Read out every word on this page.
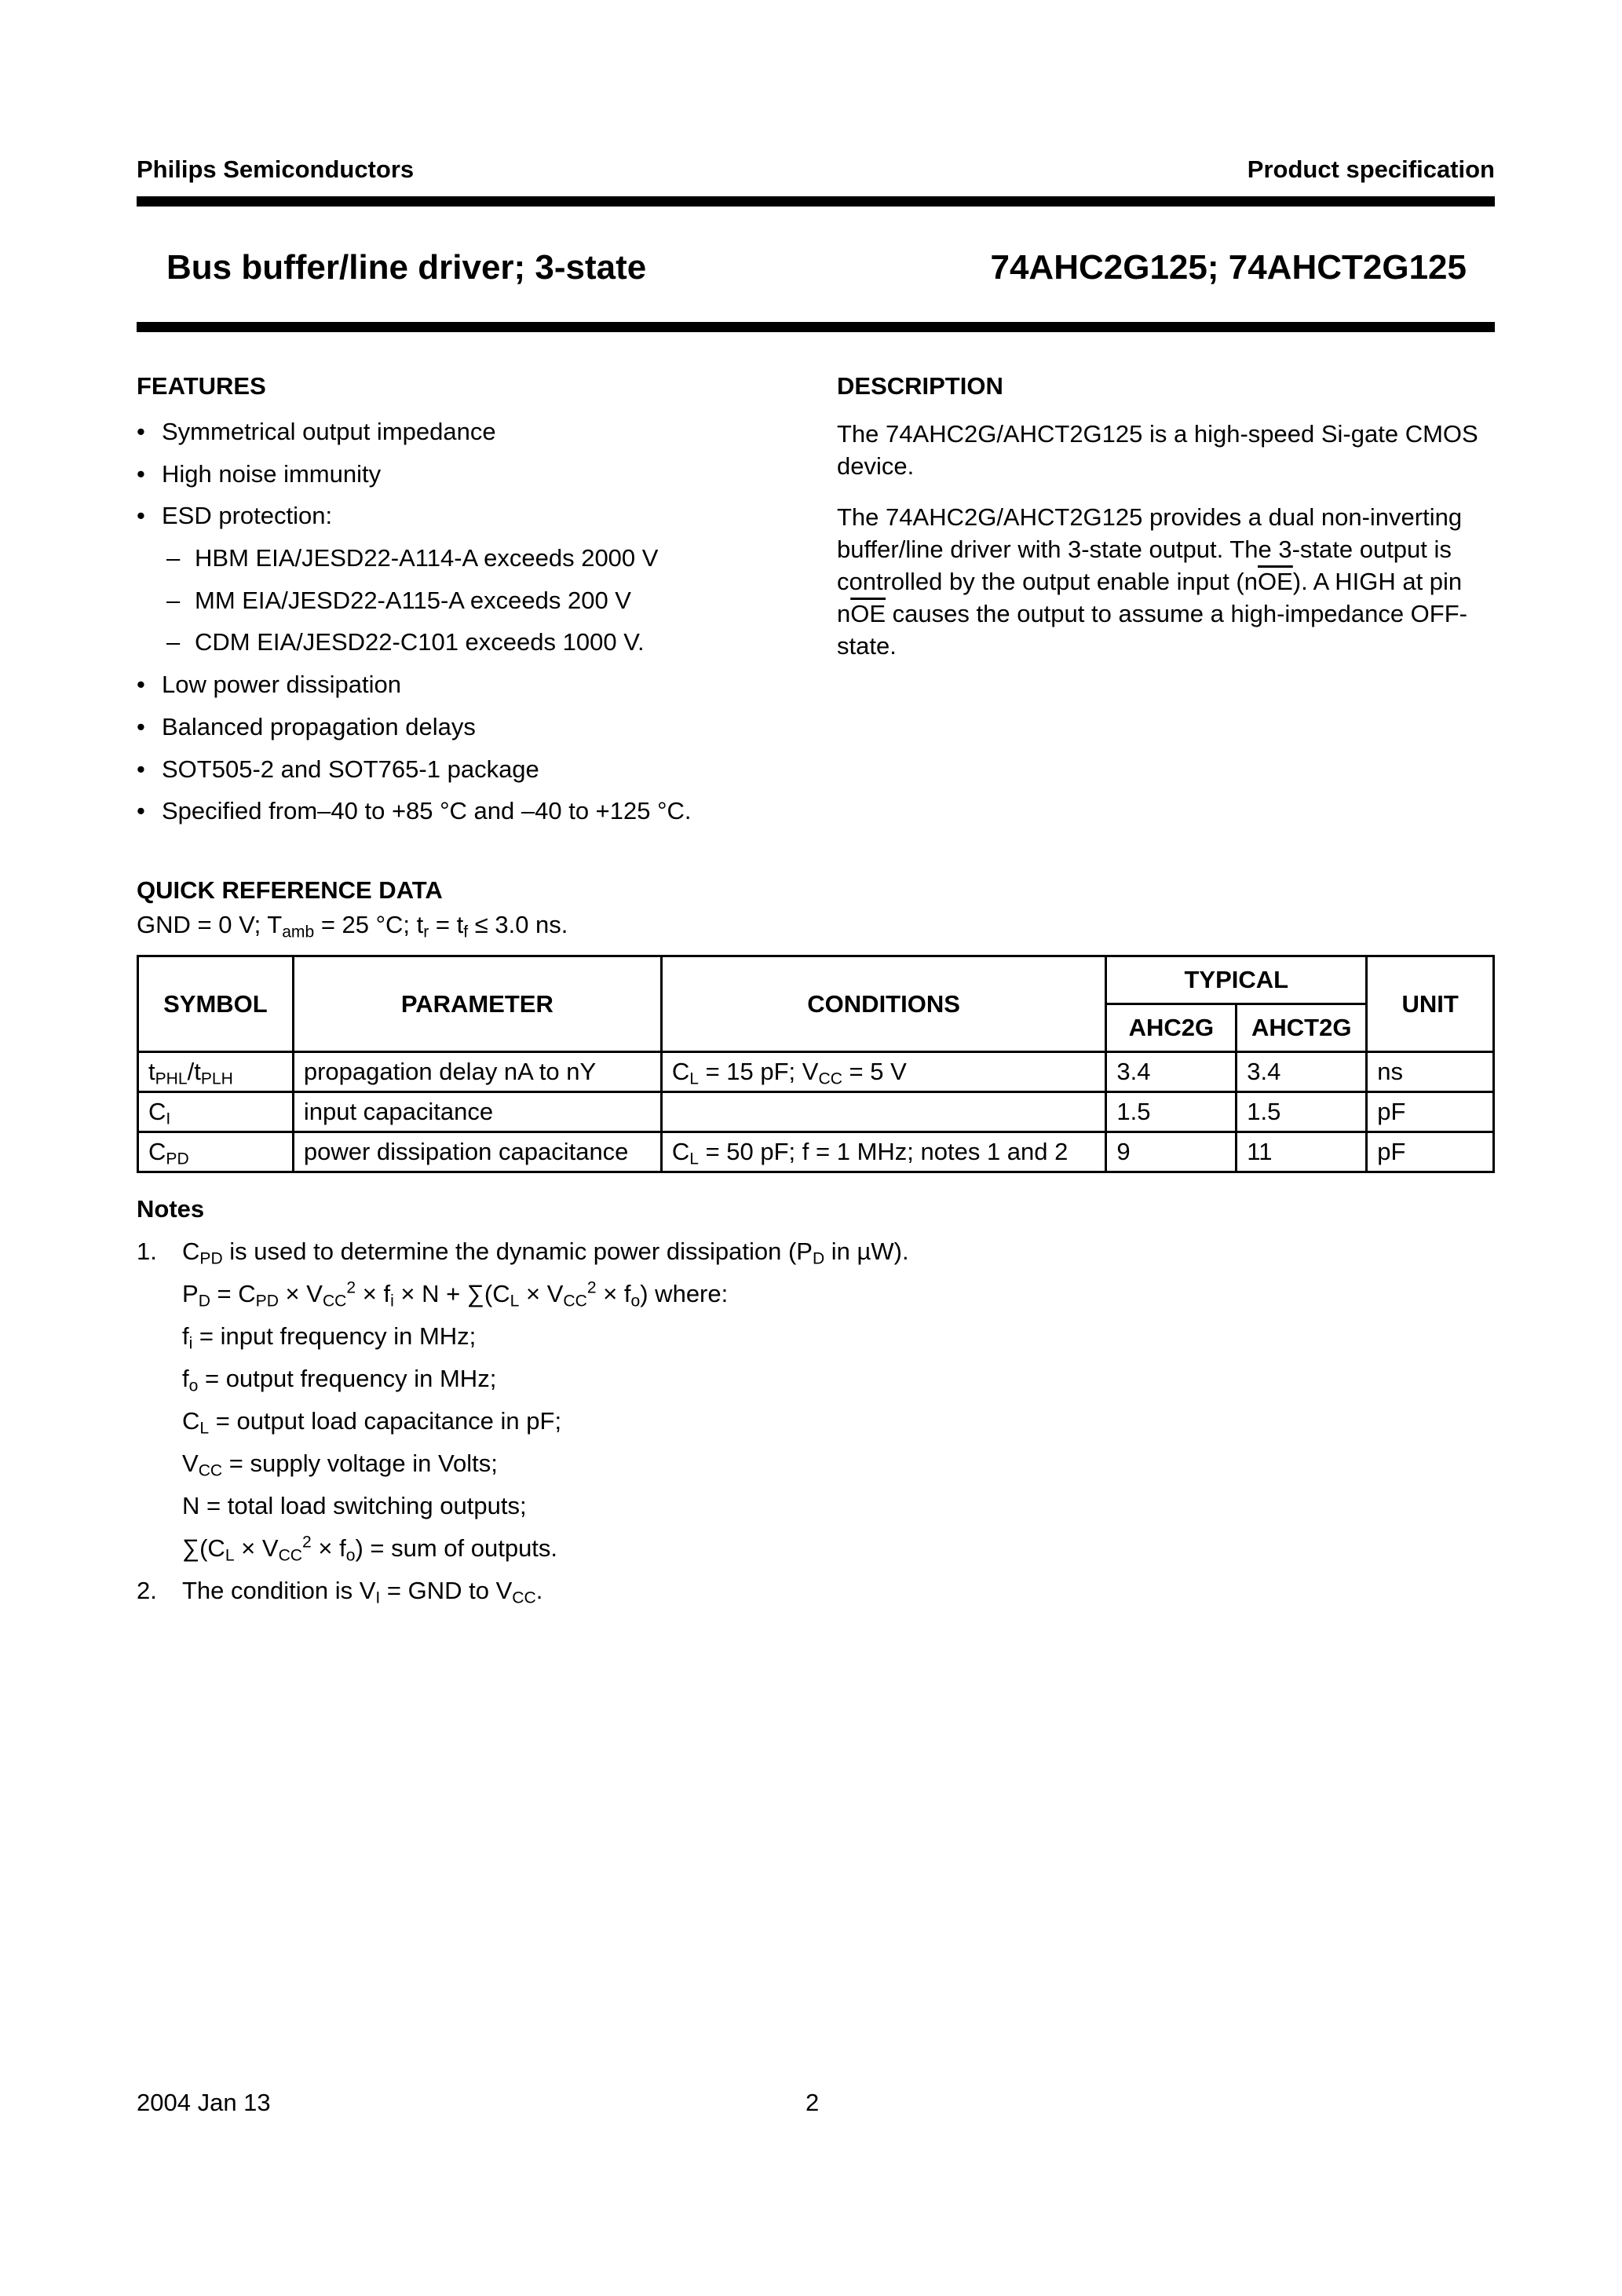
Philips Semiconductors	Product specification
Bus buffer/line driver; 3-state	74AHC2G125; 74AHCT2G125
FEATURES
• Symmetrical output impedance
• High noise immunity
• ESD protection:
– HBM EIA/JESD22-A114-A exceeds 2000 V
– MM EIA/JESD22-A115-A exceeds 200 V
– CDM EIA/JESD22-C101 exceeds 1000 V.
• Low power dissipation
• Balanced propagation delays
• SOT505-2 and SOT765-1 package
• Specified from–40 to +85 °C and –40 to +125 °C.
DESCRIPTION

The 74AHC2G/AHCT2G125 is a high-speed Si-gate CMOS device.

The 74AHC2G/AHCT2G125 provides a dual non-inverting buffer/line driver with 3-state output. The 3-state output is controlled by the output enable input $(n\overline{OE})$. A HIGH at pin $n\overline{OE}$ causes the output to assume a high-impedance OFF-state.

QUICK REFERENCE DATA
GND = 0 V; $T_{amb} = 25$ °C; $t_r = t_f \le 3.0$ ns.
SYMBOL	PARAMETER	CONDITIONS	TYPICAL		UNIT
			AHC2G	AHCT2G	
$t_{PHL}/t_{PLH}$	propagation delay nA to nY	$C_L = 15$ pF; $V_{CC} = 5$ V	3.4	3.4	ns
$C_I$	input capacitance		1.5	1.5	pF
$C_{PD}$	power dissipation capacitance	$C_L = 50$ pF; f = 1 MHz; notes 1 and 2	9	11	pF
Notes
1. $C_{PD}$ is used to determine the dynamic power dissipation ($P_D$ in µW).
$P_D = C_{PD} \times V_{CC}^2 \times f_i \times N + \sum(C_L \times V_{CC}^2 \times f_o)$ where:
$f_i$ = input frequency in MHz;
$f_o$ = output frequency in MHz;
$C_L$ = output load capacitance in pF;
$V_{CC}$ = supply voltage in Volts;
N = total load switching outputs;
$\sum(C_L \times V_{CC}^2 \times f_o)$ = sum of outputs.
2. The condition is $V_I$ = GND to $V_{CC}$.
2004 Jan 13	2
